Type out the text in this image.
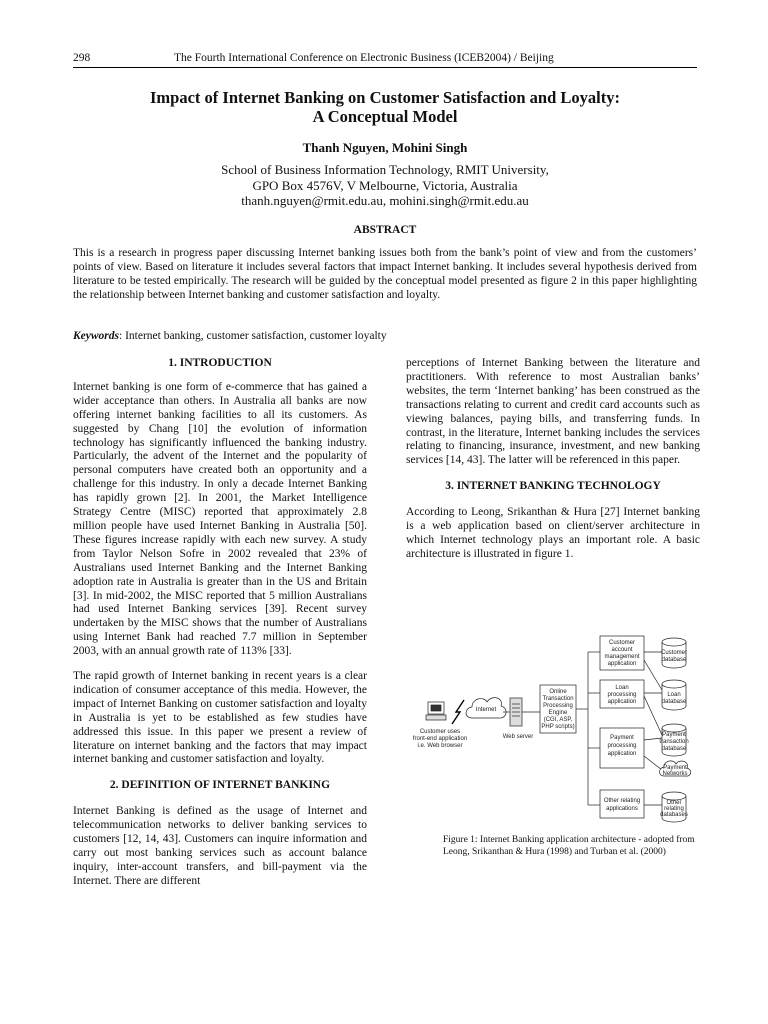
298	The Fourth International Conference on Electronic Business (ICEB2004) / Beijing
Impact of Internet Banking on Customer Satisfaction and Loyalty:
A Conceptual Model
Thanh Nguyen, Mohini Singh
School of Business Information Technology, RMIT University,
GPO Box 4576V, V Melbourne, Victoria, Australia
thanh.nguyen@rmit.edu.au, mohini.singh@rmit.edu.au
ABSTRACT

This is a research in progress paper discussing Internet banking issues both from the bank’s point of view and from the customers’ points of view. Based on literature it includes several factors that impact Internet banking. It includes several hypothesis derived from literature to be tested empirically. The research will be guided by the conceptual model presented as figure 2 in this paper highlighting the relationship between Internet banking and customer satisfaction and loyalty.

Keywords: Internet banking, customer satisfaction, customer loyalty
1. INTRODUCTION

Internet banking is one form of e-commerce that has gained a wider acceptance than others. In Australia all banks are now offering internet banking facilities to all its customers. As suggested by Chang [10] the evolution of information technology has significantly influenced the banking industry. Particularly, the advent of the Internet and the popularity of personal computers have created both an opportunity and a challenge for this industry. In only a decade Internet Banking has rapidly grown [2]. In 2001, the Market Intelligence Strategy Centre (MISC) reported that approximately 2.8 million people have used Internet Banking in Australia [50]. These figures increase rapidly with each new survey. A study from Taylor Nelson Sofre in 2002 revealed that 23% of Australians used Internet Banking and the Internet Banking adoption rate in Australia is greater than in the US and Britain [3]. In mid-2002, the MISC reported that 5 million Australians had used Internet Banking services [39]. Recent survey undertaken by the MISC shows that the number of Australians using Internet Bank had reached 7.7 million in September 2003, with an annual growth rate of 113% [33].

The rapid growth of Internet banking in recent years is a clear indication of consumer acceptance of this media. However, the impact of Internet Banking on customer satisfaction and loyalty in Australia is yet to be established as few studies have addressed this issue. In this paper we present a review of literature on internet banking and the factors that may impact internet banking and customer satisfaction and loyalty.

2. DEFINITION OF INTERNET BANKING

Internet Banking is defined as the usage of Internet and telecommunication networks to deliver banking services to customers [12, 14, 43]. Customers can inquire information and carry out most banking services such as account balance inquiry, inter-account transfers, and bill-payment via the Internet. There are different

perceptions of Internet Banking between the literature and practitioners. With reference to most Australian banks’ websites, the term ‘Internet banking’ has been construed as the transactions relating to current and credit card accounts such as viewing balances, paying bills, and transferring funds. In contrast, in the literature, Internet banking includes the services relating to financing, insurance, investment, and new banking services [14, 43]. The latter will be referenced in this paper.

3. INTERNET BANKING TECHNOLOGY

According to Leong, Srikanthan & Hura [27] Internet banking is a web application based on client/server architecture in which Internet technology plays an important role. A basic architecture is illustrated in figure 1.

Customer uses
front-end application
i.e. Web browser
Internet
Web server
Online
Transaction
Processing
Engine
(CGI, ASP,
PHP scripts)
Customer
account
management
application
Loan
processing
application
Payment
processing
application
Other relating
applications
Customer
database
Loan
database
Payment
transaction
database
Payment
Networks
Other
relating
databases
Figure 1: Internet Banking application architecture - adopted from Leong, Srikanthan & Hura (1998) and Turban et al. (2000)
